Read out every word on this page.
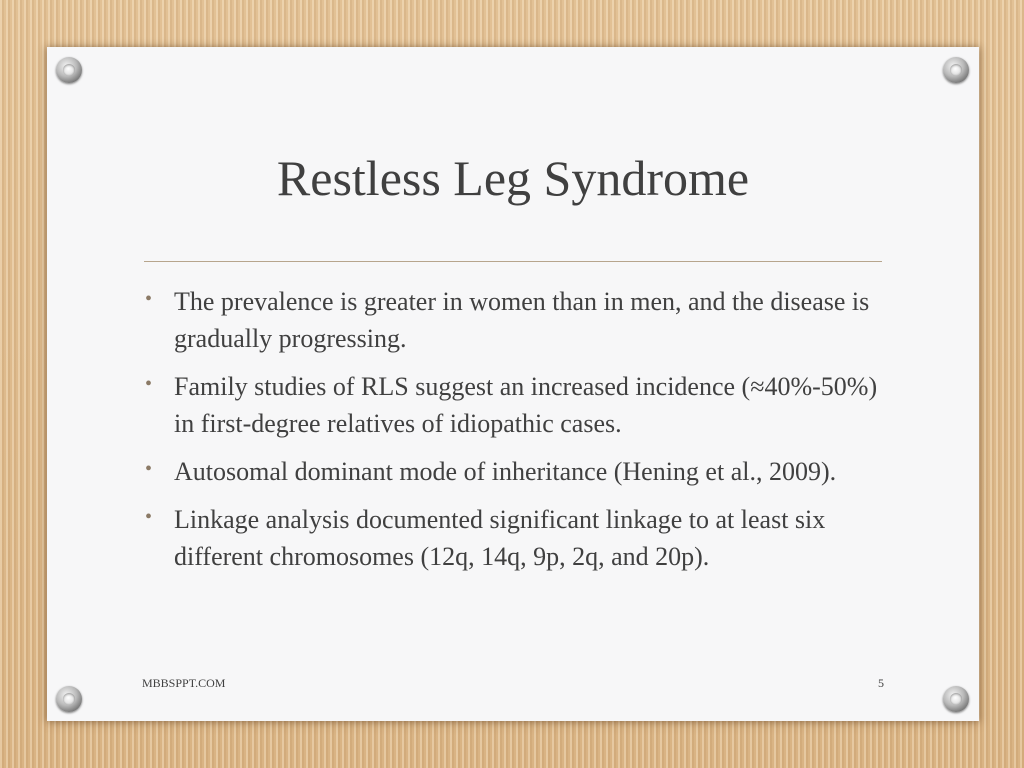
Restless Leg Syndrome
• The prevalence is greater in women than in men, and the disease is gradually progressing.
• Family studies of RLS suggest an increased incidence (≈40%-50%) in first-degree relatives of idiopathic cases.
• Autosomal dominant mode of inheritance (Hening et al., 2009).
• Linkage analysis documented significant linkage to at least six different chromosomes (12q, 14q, 9p, 2q, and 20p).
MBBSPPT.COM	5
